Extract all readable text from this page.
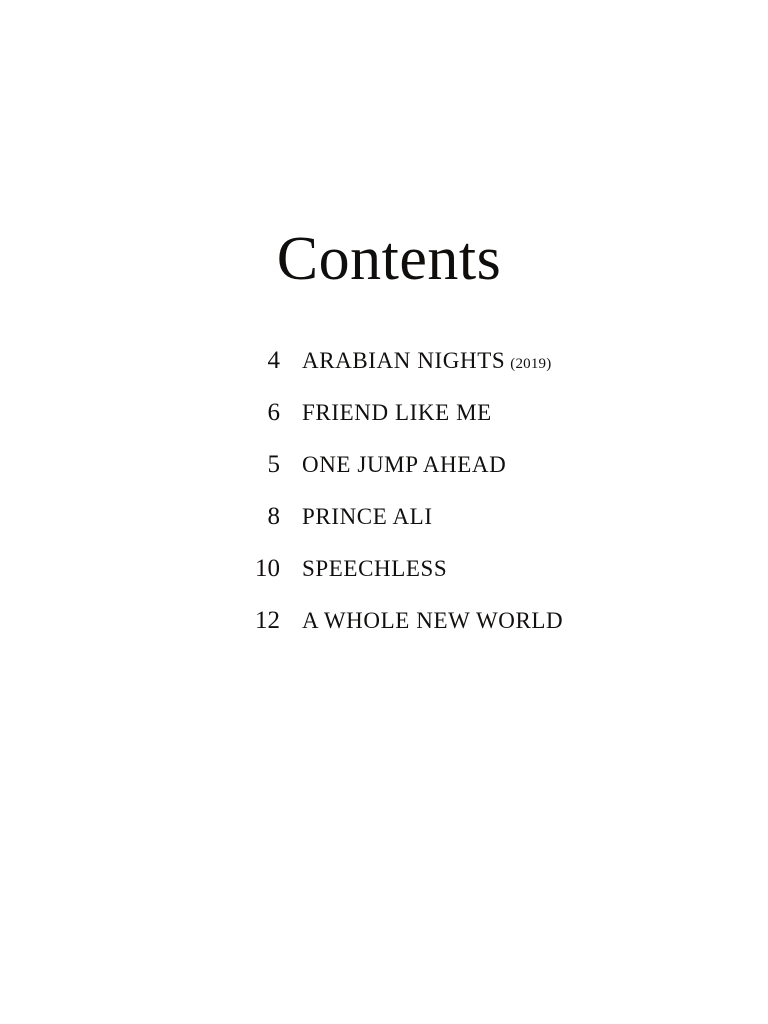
Contents
4 ARABIAN NIGHTS (2019)
6 FRIEND LIKE ME
5 ONE JUMP AHEAD
8 PRINCE ALI
10 SPEECHLESS
12 A WHOLE NEW WORLD
